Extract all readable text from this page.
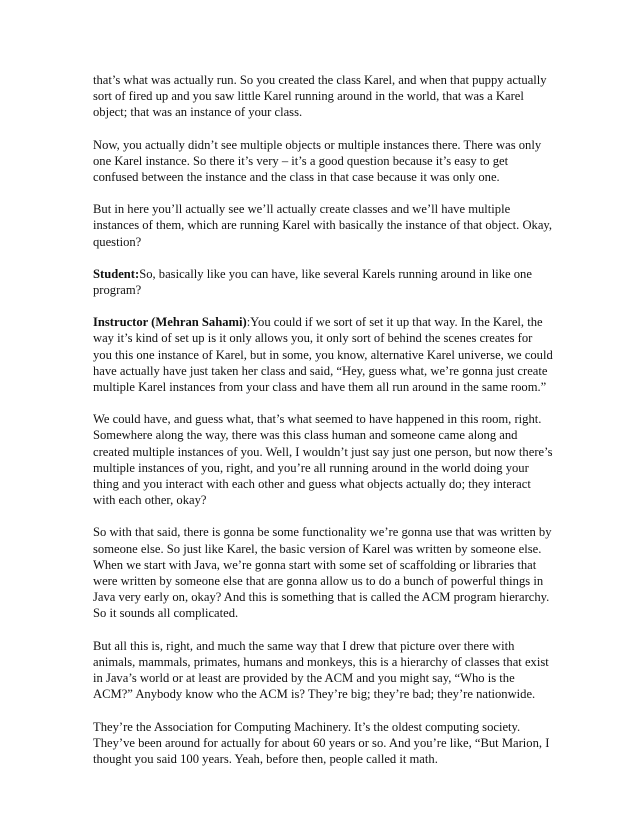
that’s what was actually run. So you created the class Karel, and when that puppy actually sort of fired up and you saw little Karel running around in the world, that was a Karel object; that was an instance of your class.

Now, you actually didn’t see multiple objects or multiple instances there. There was only one Karel instance. So there it’s very – it’s a good question because it’s easy to get confused between the instance and the class in that case because it was only one.

But in here you’ll actually see we’ll actually create classes and we’ll have multiple instances of them, which are running Karel with basically the instance of that object. Okay, question?

Student:So, basically like you can have, like several Karels running around in like one program?

Instructor (Mehran Sahami):You could if we sort of set it up that way. In the Karel, the way it’s kind of set up is it only allows you, it only sort of behind the scenes creates for you this one instance of Karel, but in some, you know, alternative Karel universe, we could have actually have just taken her class and said, “Hey, guess what, we’re gonna just create multiple Karel instances from your class and have them all run around in the same room.”

We could have, and guess what, that’s what seemed to have happened in this room, right. Somewhere along the way, there was this class human and someone came along and created multiple instances of you. Well, I wouldn’t just say just one person, but now there’s multiple instances of you, right, and you’re all running around in the world doing your thing and you interact with each other and guess what objects actually do; they interact with each other, okay?

So with that said, there is gonna be some functionality we’re gonna use that was written by someone else. So just like Karel, the basic version of Karel was written by someone else. When we start with Java, we’re gonna start with some set of scaffolding or libraries that were written by someone else that are gonna allow us to do a bunch of powerful things in Java very early on, okay? And this is something that is called the ACM program hierarchy. So it sounds all complicated.

But all this is, right, and much the same way that I drew that picture over there with animals, mammals, primates, humans and monkeys, this is a hierarchy of classes that exist in Java’s world or at least are provided by the ACM and you might say, “Who is the ACM?” Anybody know who the ACM is? They’re big; they’re bad; they’re nationwide.

They’re the Association for Computing Machinery. It’s the oldest computing society. They’ve been around for actually for about 60 years or so. And you’re like, “But Marion, I thought you said 100 years. Yeah, before then, people called it math.
